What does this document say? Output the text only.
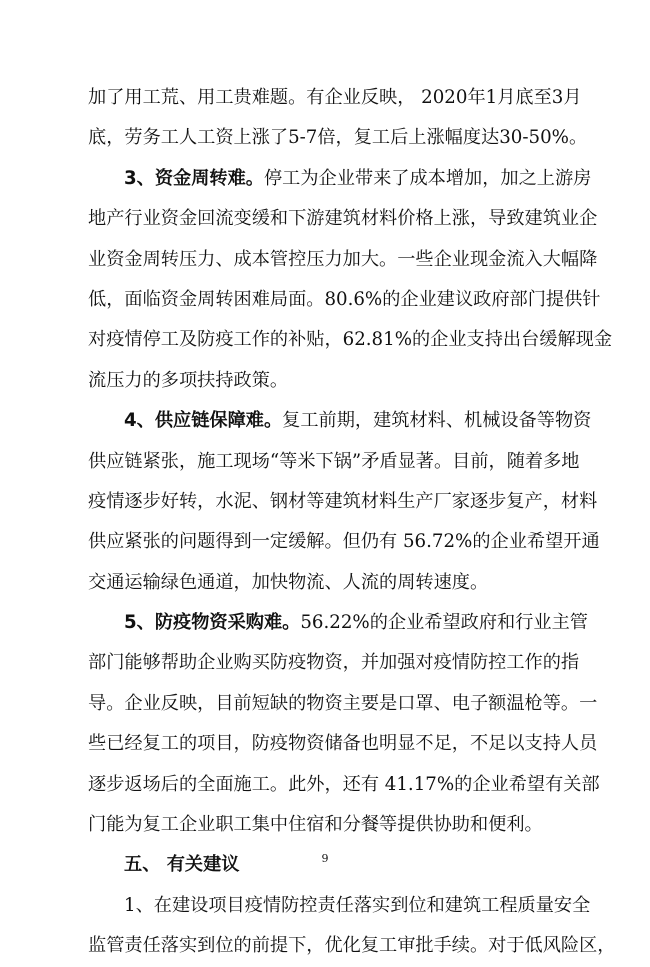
加了用工荒、用工贵难题。有企业反映， 2020年1月底至3月
底，劳务工人工资上涨了5-7倍，复工后上涨幅度达30-50%。
3、资金周转难。停工为企业带来了成本增加，加之上游房
地产行业资金回流变缓和下游建筑材料价格上涨，导致建筑业企
业资金周转压力、成本管控压力加大。一些企业现金流入大幅降
低，面临资金周转困难局面。80.6%的企业建议政府部门提供针
对疫情停工及防疫工作的补贴，62.81%的企业支持出台缓解现金
流压力的多项扶持政策。
4、供应链保障难。复工前期，建筑材料、机械设备等物资
供应链紧张，施工现场“等米下锅”矛盾显著。目前，随着多地
疫情逐步好转，水泥、钢材等建筑材料生产厂家逐步复产，材料
供应紧张的问题得到一定缓解。但仍有 56.72%的企业希望开通
交通运输绿色通道，加快物流、人流的周转速度。
5、防疫物资采购难。56.22%的企业希望政府和行业主管
部门能够帮助企业购买防疫物资，并加强对疫情防控工作的指
导。企业反映，目前短缺的物资主要是口罩、电子额温枪等。一
些已经复工的项目，防疫物资储备也明显不足，不足以支持人员
逐步返场后的全面施工。此外，还有 41.17%的企业希望有关部
门能为复工企业职工集中住宿和分餐等提供协助和便利。
五、 有关建议
1、在建设项目疫情防控责任落实到位和建筑工程质量安全
监管责任落实到位的前提下，优化复工审批手续。对于低风险区，
9
